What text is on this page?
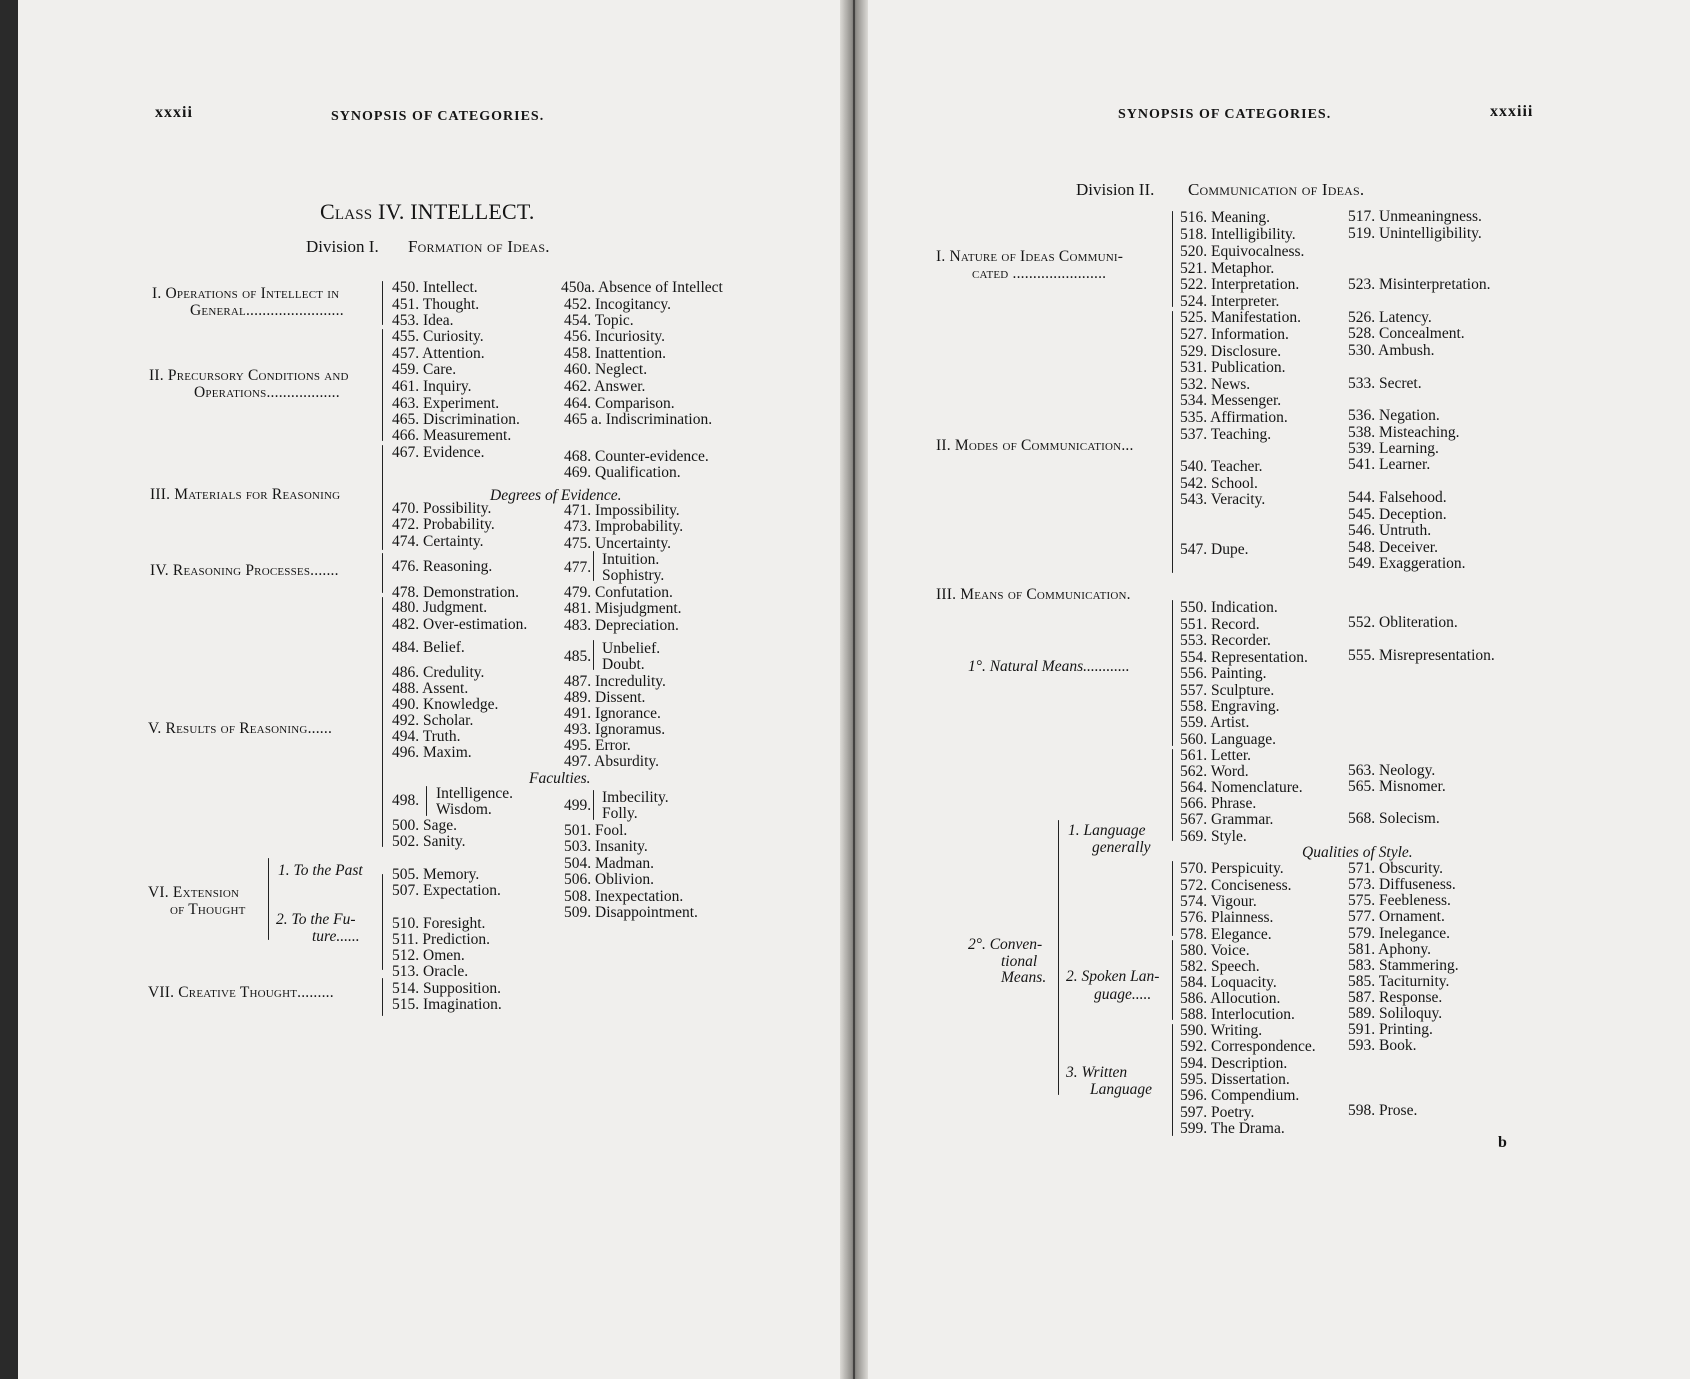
xxxii	SYNOPSIS OF CATEGORIES.
Class IV. INTELLECT.
Division I. Formation of Ideas.
I. Operations of Intellect in
General........................
II. Precursory Conditions and
Operations..................
III. Materials for Reasoning
IV. Reasoning Processes.......
V. Results of Reasoning......
VI. Extension
of Thought
1. To the Past
2. To the Fu-
ture......
VII. Creative Thought.........
Degrees of Evidence.
Faculties.
450. Intellect.
451. Thought.
453. Idea.
455. Curiosity.
457. Attention.
459. Care.
461. Inquiry.
463. Experiment.
465. Discrimination.
466. Measurement.
467. Evidence.
470. Possibility.
472. Probability.
474. Certainty.
476. Reasoning.
478. Demonstration.
480. Judgment.
482. Over-estimation.
484. Belief.
486. Credulity.
488. Assent.
490. Knowledge.
492. Scholar.
494. Truth.
496. Maxim.
498. Intelligence.
Wisdom.
500. Sage.
502. Sanity.
505. Memory.
507. Expectation.
510. Foresight.
511. Prediction.
512. Omen.
513. Oracle.
514. Supposition.
515. Imagination.
450a. Absence of Intellect
452. Incogitancy.
454. Topic.
456. Incuriosity.
458. Inattention.
460. Neglect.
462. Answer.
464. Comparison.
465 a. Indiscrimination.
468. Counter-evidence.
469. Qualification.
471. Impossibility.
473. Improbability.
475. Uncertainty.
477. Intuition.
Sophistry.
479. Confutation.
481. Misjudgment.
483. Depreciation.
485. Unbelief.
Doubt.
487. Incredulity.
489. Dissent.
491. Ignorance.
493. Ignoramus.
495. Error.
497. Absurdity.
499. Imbecility.
Folly.
501. Fool.
503. Insanity.
504. Madman.
506. Oblivion.
508. Inexpectation.
509. Disappointment.
SYNOPSIS OF CATEGORIES.	xxxiii
Division II. Communication of Ideas.
I. Nature of Ideas Communi-
cated .......................
II. Modes of Communication...
III. Means of Communication.
1°. Natural Means............
2°. Conven-
tional
Means.
1. Language
generally
2. Spoken Lan-
guage.....
3. Written
Language
Qualities of Style.
516. Meaning.
518. Intelligibility.
520. Equivocalness.
521. Metaphor.
522. Interpretation.
524. Interpreter.
525. Manifestation.
527. Information.
529. Disclosure.
531. Publication.
532. News.
534. Messenger.
535. Affirmation.
537. Teaching.
540. Teacher.
542. School.
543. Veracity.
547. Dupe.
550. Indication.
551. Record.
553. Recorder.
554. Representation.
556. Painting.
557. Sculpture.
558. Engraving.
559. Artist.
560. Language.
561. Letter.
562. Word.
564. Nomenclature.
566. Phrase.
567. Grammar.
569. Style.
570. Perspicuity.
572. Conciseness.
574. Vigour.
576. Plainness.
578. Elegance.
580. Voice.
582. Speech.
584. Loquacity.
586. Allocution.
588. Interlocution.
590. Writing.
592. Correspondence.
594. Description.
595. Dissertation.
596. Compendium.
597. Poetry.
599. The Drama.
517. Unmeaningness.
519. Unintelligibility.
523. Misinterpretation.
526. Latency.
528. Concealment.
530. Ambush.
533. Secret.
536. Negation.
538. Misteaching.
539. Learning.
541. Learner.
544. Falsehood.
545. Deception.
546. Untruth.
548. Deceiver.
549. Exaggeration.
552. Obliteration.
555. Misrepresentation.
563. Neology.
565. Misnomer.
568. Solecism.
571. Obscurity.
573. Diffuseness.
575. Feebleness.
577. Ornament.
579. Inelegance.
581. Aphony.
583. Stammering.
585. Taciturnity.
587. Response.
589. Soliloquy.
591. Printing.
593. Book.
598. Prose.
b
